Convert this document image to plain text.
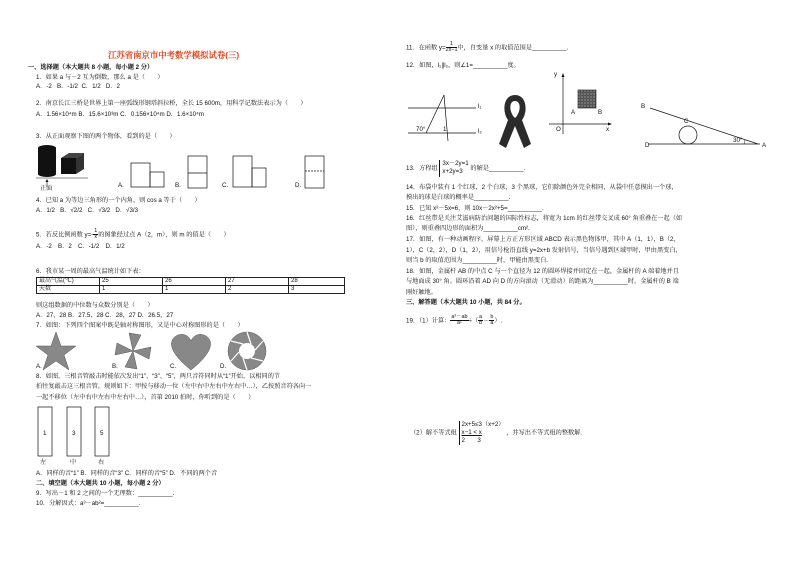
江苏省南京市中考数学模拟试卷(三)
一、选择题（本大题共 8 小题，每小题 2 分）
1．如果 a 与－2 互为倒数，那么 a 是（　　）
A．-2 B．-1/2 C．1/2 D．2
2．南京长江三桥是世界上第一座弧线形钢塔斜拉桥，全长 15 600m，用科学记数法表示为（　　）
A．1.56×10⁴m B．15.6×10³m C．0.156×10⁴m D．1.6×10⁴m
3．从正面观察下图的两个物体，看到的是（　　）
正面	A.	B.	C.	D.
4．已知 a 为等边三角形的一个内角，则 cos a 等于（　　）
A．1/2 B．√2/2 C．√3/2 D．√3/3
5．若反比例函数 $y=- \frac{1}{x}$ 的图象经过点 A（2，m），则 m 的值是（　　）
A．-2　B．2　C．-1/2　D．1/2
6．我市某一周的最高气温统计如下表：
最高气温(℃)	25	26	27	28
天数	1	1	2	3
则这组数据的中位数与众数分别是（　　）
A．27，28 B．27.5，28 C．28，27 D．26.5，27
7．如图：下列四个图案中既是轴对称图形，又是中心对称图形的是（　　）
A.	B.	C.	D.
8．如图，三根音管敲击时能依次发出“1”、“3”、“5”，两只音符同时从“1”开始，以相同的节
拍往复敲击这三根音管，规则如下：甲按与移动一位（左中右中左右中左右中…），乙按照音符各向一
一起不移位（左中右中左右中左右中…），首第 2010 拍时，你听到的是（　　）
1	3	5
左	中	右
A．同样的音“1” B．同样的音“3” C．同样的音“5” D．不同的两个音
二、填空题（本大题共 10 小题，每小题 2 分）
9．写出－1 和 2 之间的一个无理数：__________.
10．分解因式：a³－ab²=__________.
11．在函数 $y= \frac{1}{2x-1}$ 中，自变量 x 的取值范围是__________.
12．如图，l₁∥l₂，则∠1=__________度。
l₁
l₂
70°	1
y
x
A
O
B
B
C
A
D
30°
13．方程组
3x－2y=1
x+2y=3	的解是__________.
14．布袋中装有 1 个红球，2 个白球，3 个黑球，它们除颜色外完全相同，从袋中任意摸出一个球，
摸出的球是白球的概率是__________.
15．已知 x²－5x=6，则 10x－2x²+5=__________.
16．红丝带是关注艾滋病防治问题的国际性标志，将宽为 1cm 的红丝带交叉成 60° 角重叠在一起（如
图），则重叠四边形的面积为__________cm².
17．如图，有一种动画程序，屏幕上方正方形区域 ABCD 表示黑色物体甲，其中 A（1，1），B（2，
1），C（2，2），D（1，2），用信号枪沿直线 y=2x+b 发射信号，当信号遇到区域甲时，甲由黑变白，
则当 b 的取值范围为__________时，甲能由黑变白.
18．如图，金属杆 AB 的中点 C 与一个直径为 12 的圆环焊接并固定在一起，金属杆的 A 端着地并且
与地面成 30° 角。圆环沿着 AD 向 D 的方向滚动（无滑动）的距离为__________时，金属杆的 B 端
刚好触地。
三、解答题（本大题共 10 小题，共 84 分。
19．（1）计算： $\frac{\text{a²－ab}}{\text{a²}}$ ÷（ $\frac{a}{b} - \frac{b}{a}$ ）.
（2）解不等式组
2x+5≤3（x+2）
x−1 < x
2　　3
，并写出不等式组的整数解.
